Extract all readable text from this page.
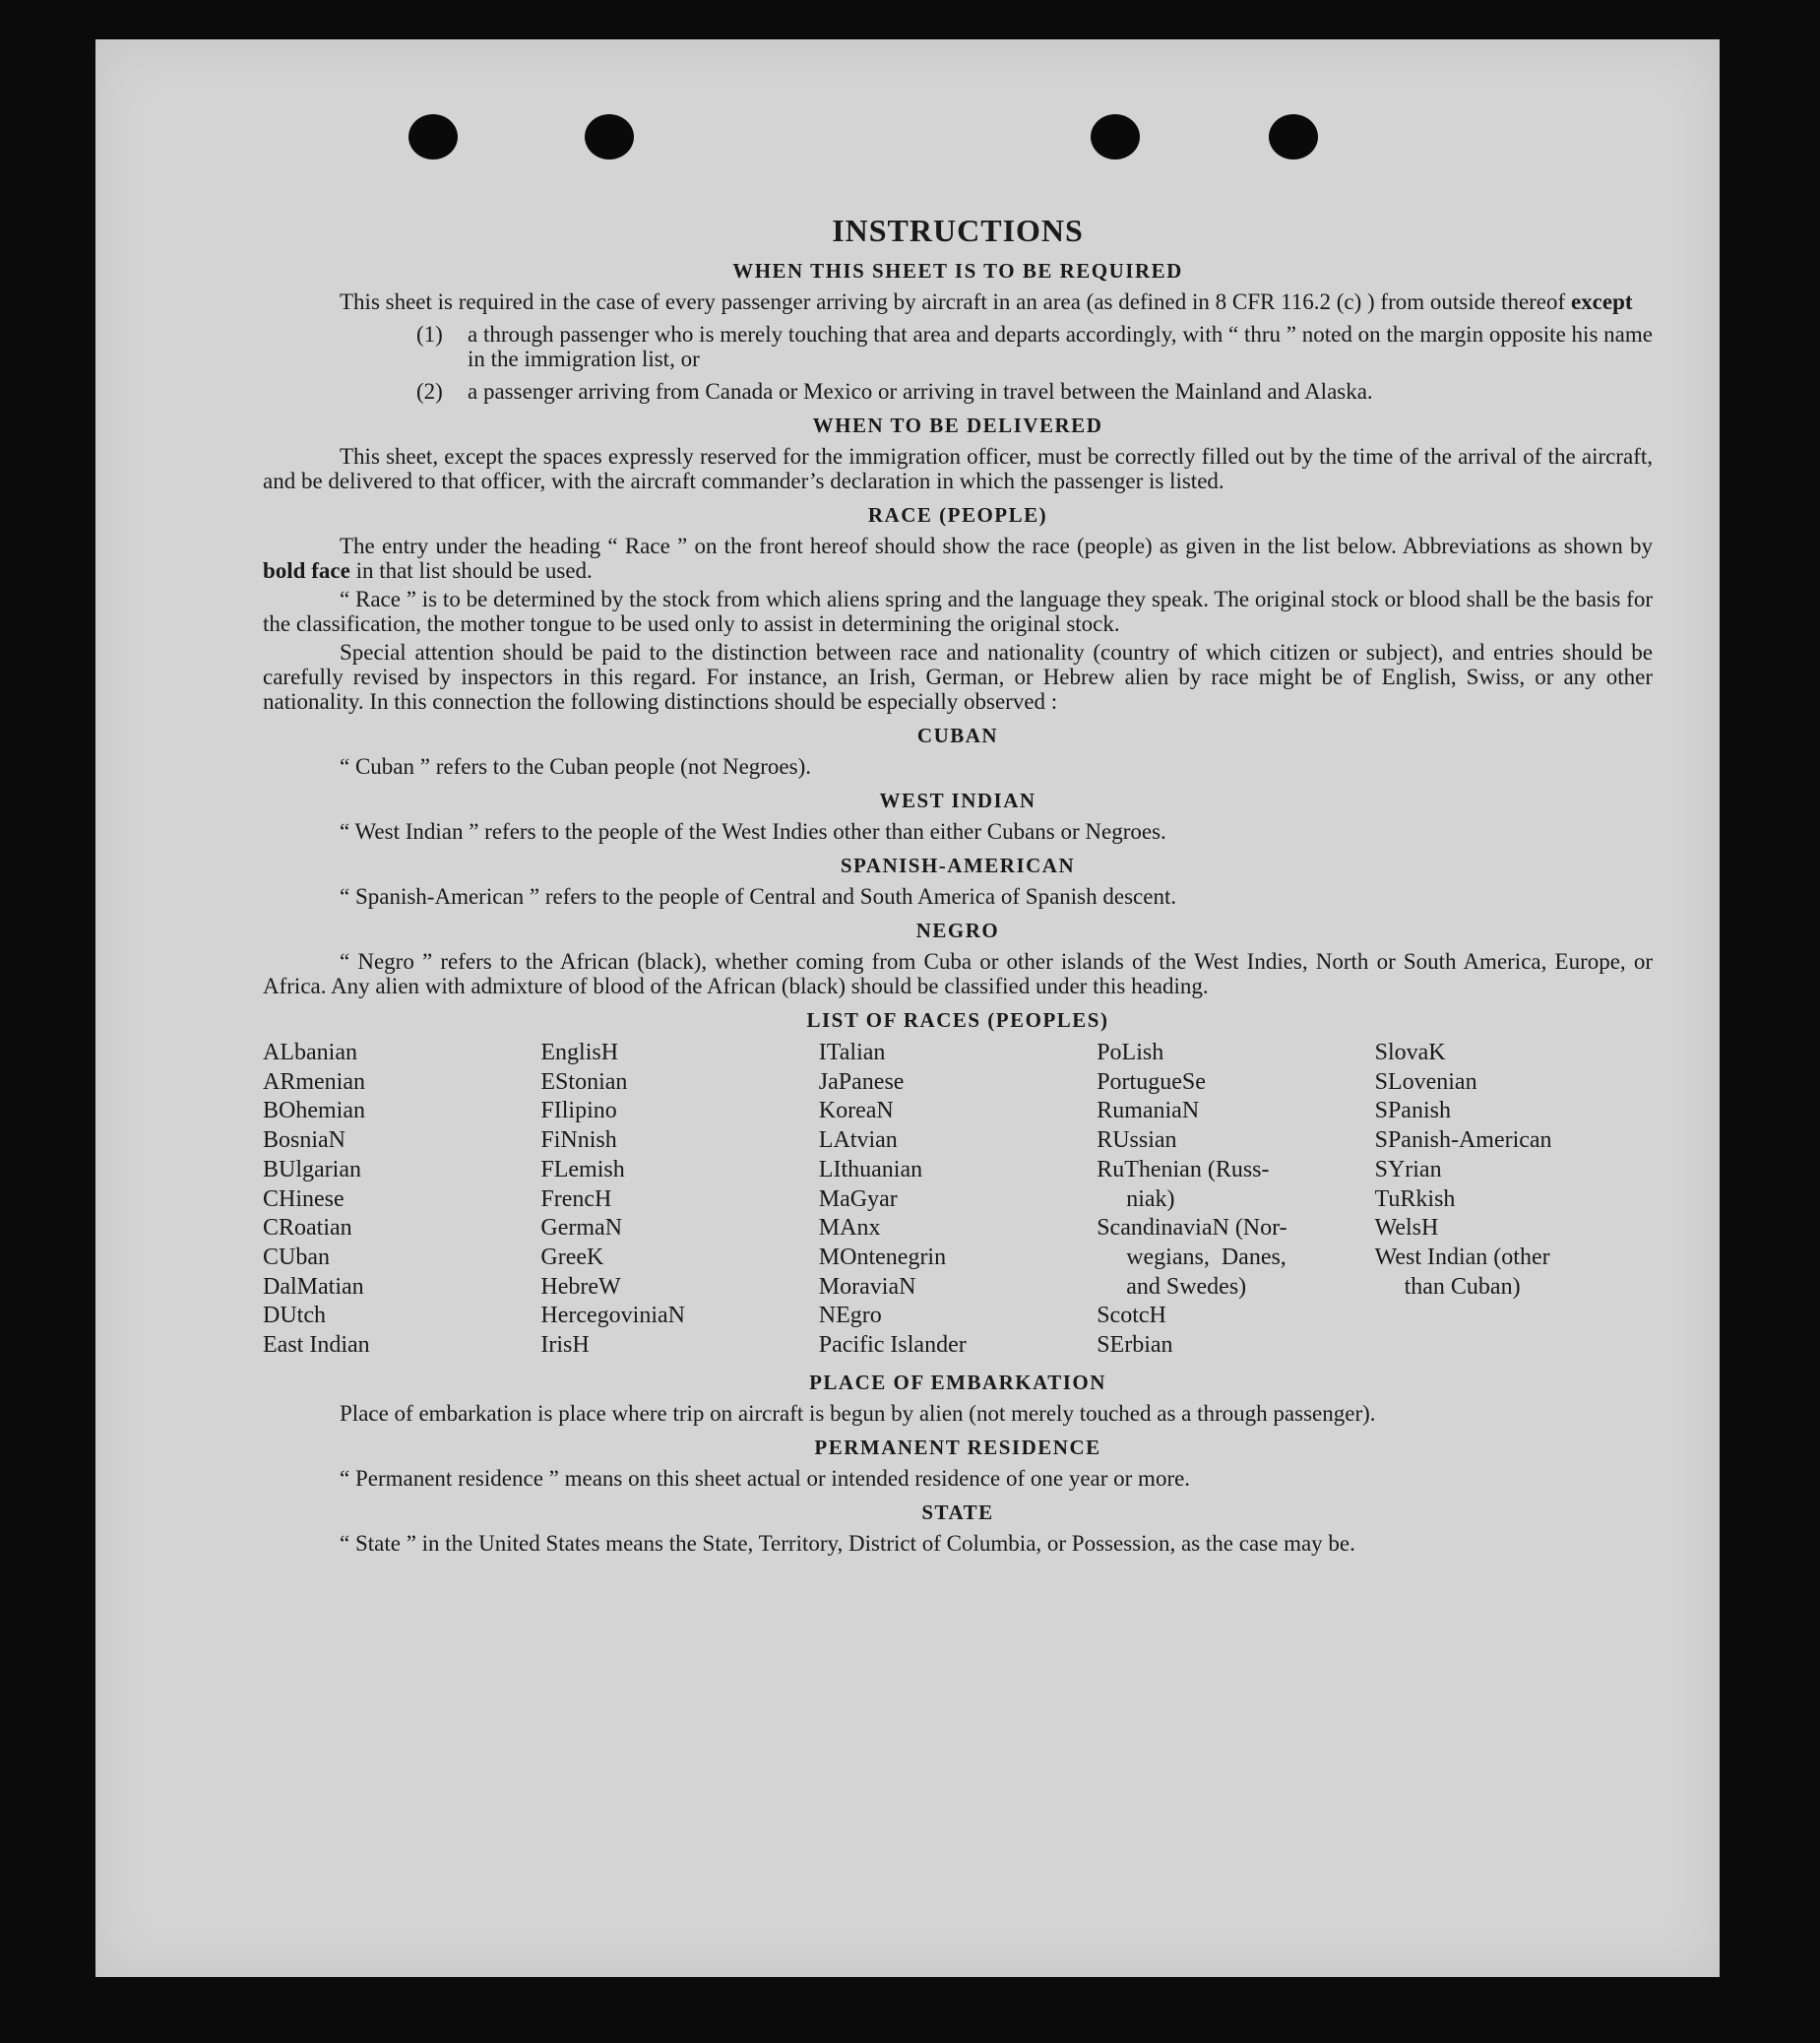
INSTRUCTIONS
WHEN THIS SHEET IS TO BE REQUIRED

This sheet is required in the case of every passenger arriving by aircraft in an area (as defined in 8 CFR 116.2 (c) ) from outside thereof except

(1)	a through passenger who is merely touching that area and departs accordingly, with “ thru ” noted on the margin opposite his name in the immigration list, or
(2)	a passenger arriving from Canada or Mexico or arriving in travel between the Mainland and Alaska.
WHEN TO BE DELIVERED

This sheet, except the spaces expressly reserved for the immigration officer, must be correctly filled out by the time of the arrival of the aircraft, and be delivered to that officer, with the aircraft commander’s declaration in which the passenger is listed.

RACE (PEOPLE)

The entry under the heading “ Race ” on the front hereof should show the race (people) as given in the list below. Abbreviations as shown by bold face in that list should be used.

“ Race ” is to be determined by the stock from which aliens spring and the language they speak. The original stock or blood shall be the basis for the classification, the mother tongue to be used only to assist in determining the original stock.

Special attention should be paid to the distinction between race and nationality (country of which citizen or subject), and entries should be carefully revised by inspectors in this regard. For instance, an Irish, German, or Hebrew alien by race might be of English, Swiss, or any other nationality. In this connection the following distinctions should be especially observed :

CUBAN

“ Cuban ” refers to the Cuban people (not Negroes).

WEST INDIAN

“ West Indian ” refers to the people of the West Indies other than either Cubans or Negroes.

SPANISH-AMERICAN

“ Spanish-American ” refers to the people of Central and South America of Spanish descent.

NEGRO

“ Negro ” refers to the African (black), whether coming from Cuba or other islands of the West Indies, North or South America, Europe, or Africa. Any alien with admixture of blood of the African (black) should be classified under this heading.

LIST OF RACES (PEOPLES)
ALbanian
ARmenian
BOhemian
BosniaN
BUlgarian
CHinese
CRoatian
CUban
DalMatian
DUtch
East Indian
EnglisH
EStonian
FIlipino
FiNnish
FLemish
FrencH
GermaN
GreeK
HebreW
HercegoviniaN
IrisH
ITalian
JaPanese
KoreaN
LAtvian
LIthuanian
MaGyar
MAnx
MOntenegrin
MoraviaN
NEgro
Pacific Islander
PoLish
PortugueSe
RumaniaN
RUssian
RuThenian (Russ-
niak)
ScandinaviaN (Nor-
wegians,  Danes,
and Swedes)
ScotcH
SErbian
SlovaK
SLovenian
SPanish
SPanish-American
SYrian
TuRkish
WelsH
West Indian (other
than Cuban)
PLACE OF EMBARKATION

Place of embarkation is place where trip on aircraft is begun by alien (not merely touched as a through passenger).

PERMANENT RESIDENCE

“ Permanent residence ” means on this sheet actual or intended residence of one year or more.

STATE

“ State ” in the United States means the State, Territory, District of Columbia, or Possession, as the case may be.
